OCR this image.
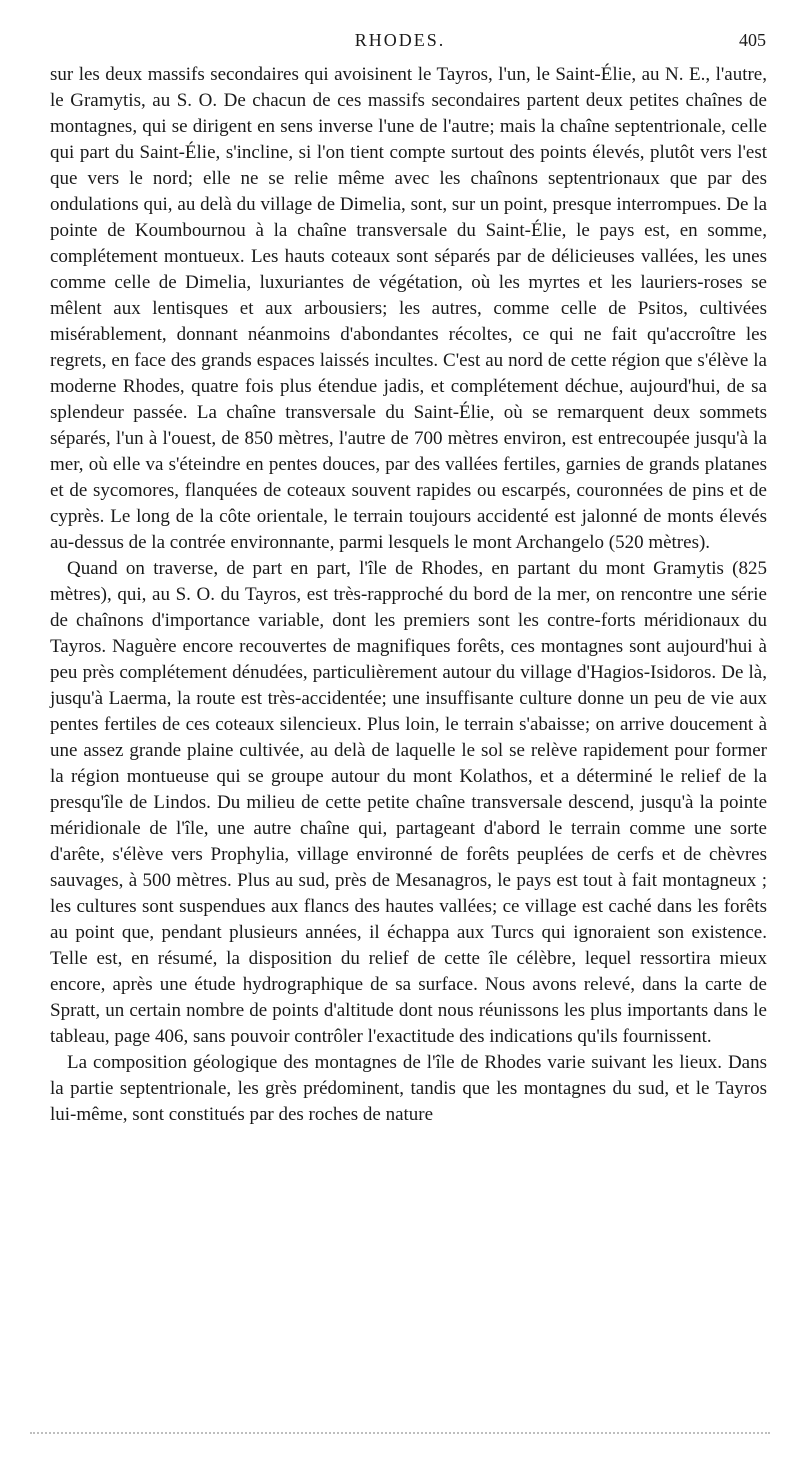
RHODES.	405

sur les deux massifs secondaires qui avoisinent le Tayros, l'un, le Saint-Élie, au N. E., l'autre, le Gramytis, au S. O. De chacun de ces massifs secondaires partent deux petites chaînes de montagnes, qui se dirigent en sens inverse l'une de l'autre; mais la chaîne septentrionale, celle qui part du Saint-Élie, s'incline, si l'on tient compte surtout des points élevés, plutôt vers l'est que vers le nord; elle ne se relie même avec les chaînons septentrionaux que par des ondulations qui, au delà du village de Dimelia, sont, sur un point, presque interrompues. De la pointe de Koumbournou à la chaîne transversale du Saint-Élie, le pays est, en somme, complétement montueux. Les hauts coteaux sont séparés par de délicieuses vallées, les unes comme celle de Dimelia, luxuriantes de végétation, où les myrtes et les lauriers-roses se mêlent aux lentisques et aux arbousiers; les autres, comme celle de Psitos, cultivées misérablement, donnant néanmoins d'abondantes récoltes, ce qui ne fait qu'accroître les regrets, en face des grands espaces laissés incultes. C'est au nord de cette région que s'élève la moderne Rhodes, quatre fois plus étendue jadis, et complétement déchue, aujourd'hui, de sa splendeur passée. La chaîne transversale du Saint-Élie, où se remarquent deux sommets séparés, l'un à l'ouest, de 850 mètres, l'autre de 700 mètres environ, est entrecoupée jusqu'à la mer, où elle va s'éteindre en pentes douces, par des vallées fertiles, garnies de grands platanes et de sycomores, flanquées de coteaux souvent rapides ou escarpés, couronnées de pins et de cyprès. Le long de la côte orientale, le terrain toujours accidenté est jalonné de monts élevés au-dessus de la contrée environnante, parmi lesquels le mont Archangelo (520 mètres).

Quand on traverse, de part en part, l'île de Rhodes, en partant du mont Gramytis (825 mètres), qui, au S. O. du Tayros, est très-rapproché du bord de la mer, on rencontre une série de chaînons d'importance variable, dont les premiers sont les contre-forts méridionaux du Tayros. Naguère encore recouvertes de magnifiques forêts, ces montagnes sont aujourd'hui à peu près complétement dénudées, particulièrement autour du village d'Hagios-Isidoros. De là, jusqu'à Laerma, la route est très-accidentée; une insuffisante culture donne un peu de vie aux pentes fertiles de ces coteaux silencieux. Plus loin, le terrain s'abaisse; on arrive doucement à une assez grande plaine cultivée, au delà de laquelle le sol se relève rapidement pour former la région montueuse qui se groupe autour du mont Kolathos, et a déterminé le relief de la presqu'île de Lindos. Du milieu de cette petite chaîne transversale descend, jusqu'à la pointe méridionale de l'île, une autre chaîne qui, partageant d'abord le terrain comme une sorte d'arête, s'élève vers Prophylia, village environné de forêts peuplées de cerfs et de chèvres sauvages, à 500 mètres. Plus au sud, près de Mesanagros, le pays est tout à fait montagneux ; les cultures sont suspendues aux flancs des hautes vallées; ce village est caché dans les forêts au point que, pendant plusieurs années, il échappa aux Turcs qui ignoraient son existence. Telle est, en résumé, la disposition du relief de cette île célèbre, lequel ressortira mieux encore, après une étude hydrographique de sa surface. Nous avons relevé, dans la carte de Spratt, un certain nombre de points d'altitude dont nous réunissons les plus importants dans le tableau, page 406, sans pouvoir contrôler l'exactitude des indications qu'ils fournissent.

La composition géologique des montagnes de l'île de Rhodes varie suivant les lieux. Dans la partie septentrionale, les grès prédominent, tandis que les montagnes du sud, et le Tayros lui-même, sont constitués par des roches de nature
